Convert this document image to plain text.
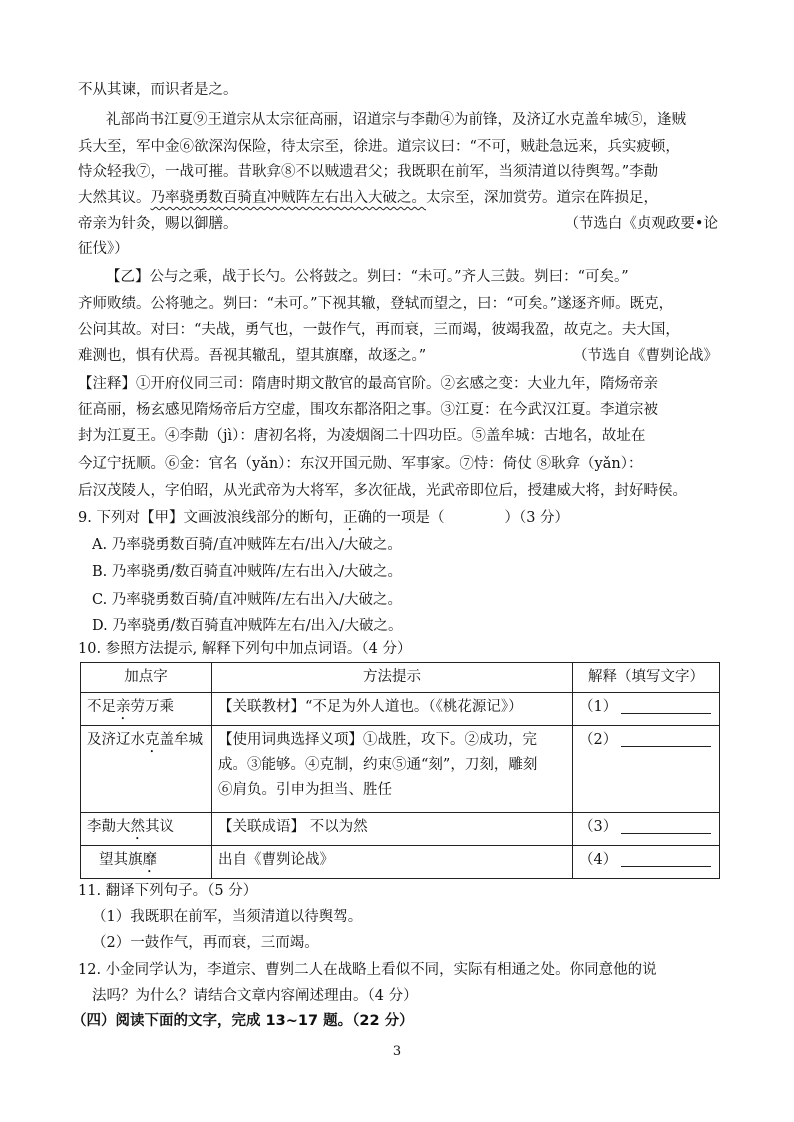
不从其谏，而识者是之。
礼部尚书江夏⑨王道宗从太宗征高丽，诏道宗与李勣④为前锋，及济辽水克盖牟城⑤，逢贼
兵大至，军中金⑥欲深沟保险，待太宗至，徐进。道宗议曰：“不可，贼赴急远来，兵实疲顿，
恃众轻我⑦，一战可摧。昔耿弇⑧不以贼遗君父；我既职在前军，当须清道以待舆驾。”李勣
大然其议。乃率骁勇数百骑直冲贼阵左右出入大破之。太宗至，深加赏劳。道宗在阵损足，
帝亲为针灸，赐以御膳。	（节选白《贞观政要•论
征伐》）
【乙】公与之乘，战于长勺。公将鼓之。刿曰：“未可。”齐人三鼓。刿曰：“可矣。”
齐师败绩。公将驰之。刿曰：“未可。”下视其辙，登轼而望之，曰：“可矣。”遂逐齐师。既克，
公问其故。对曰：“夫战，勇气也，一鼓作气，再而衰，三而竭，彼竭我盈，故克之。夫大国，
难测也，惧有伏焉。吾视其辙乱，望其旗靡，故逐之。”	（节选自《曹刿论战》
【注释】①开府仪同三司：隋唐时期文散官的最高官阶。②玄感之变：大业九年，隋炀帝亲
征高丽，杨玄感见隋炀帝后方空虚，围攻东都洛阳之事。③江夏：在今武汉江夏。李道宗被
封为江夏王。④李勣（jì）：唐初名将，为凌烟阁二十四功臣。⑤盖牟城：古地名，故址在
今辽宁抚顺。⑥金：官名（yǎn）：东汉开国元勋、军事家。⑦恃：倚仗 ⑧耿弇（yǎn）：
后汉茂陵人，字伯昭，从光武帝为大将军，多次征战，光武帝即位后，授建威大将，封好畤侯。
9. 下列对【甲】文画波浪线部分的断句，正确的一项是（	）（3 分）
A. 乃率骁勇数百骑/直冲贼阵左右/出入/大破之。
B. 乃率骁勇/数百骑直冲贼阵/左右出入/大破之。
C. 乃率骁勇数百骑/直冲贼阵/左右出入/大破之。
D. 乃率骁勇/数百骑直冲贼阵左右/出入/大破之。
10. 参照方法提示, 解释下列句中加点词语。（4 分）
加点字	方法提示	解释（填写文字）
不足亲劳万乘	【关联教材】“不足为外人道也。（《桃花源记》）	（1）
及济辽水克盖牟城	【使用词典选择义项】①战胜，攻下。②成功，完
成。③能够。④克制，约束⑤通“刻”，刀刻，雕刻
⑥肩负。引申为担当、胜任	（2）
李勣大然其议	【关联成语】 不以为然	（3）
望其旗靡	出自《曹刿论战》	（4）
11. 翻译下列句子。（5 分）
（1）我既职在前军，当须清道以待舆驾。
（2）一鼓作气，再而衰，三而竭。
12. 小金同学认为，李道宗、曹刿二人在战略上看似不同，实际有相通之处。你同意他的说
法吗？为什么？请结合文章内容阐述理由。（4 分）
（四）阅读下面的文字，完成 13~17 题。（22 分）
3
